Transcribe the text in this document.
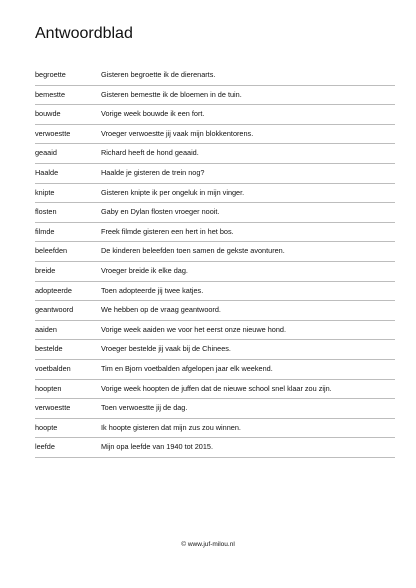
Antwoordblad
begroette	Gisteren begroette ik de dierenarts.
bemestte	Gisteren bemestte ik de bloemen in de tuin.
bouwde	Vorige week bouwde ik een fort.
verwoestte	Vroeger verwoestte jij vaak mijn blokkentorens.
geaaid	Richard heeft de hond geaaid.
Haalde	Haalde je gisteren de trein nog?
knipte	Gisteren knipte ik per ongeluk in mijn vinger.
flosten	Gaby en Dylan flosten vroeger nooit.
filmde	Freek filmde gisteren een hert in het bos.
beleefden	De kinderen beleefden toen samen de gekste avonturen.
breide	Vroeger breide ik elke dag.
adopteerde	Toen adopteerde jij twee katjes.
geantwoord	We hebben op de vraag geantwoord.
aaiden	Vorige week aaiden we voor het eerst onze nieuwe hond.
bestelde	Vroeger bestelde jij vaak bij de Chinees.
voetbalden	Tim en Bjorn voetbalden afgelopen jaar elk weekend.
hoopten	Vorige week hoopten de juffen dat de nieuwe school snel klaar zou zijn.
verwoestte	Toen verwoestte jij de dag.
hoopte	Ik hoopte gisteren dat mijn zus zou winnen.
leefde	Mijn opa leefde van 1940 tot 2015.
© www.juf-milou.nl
